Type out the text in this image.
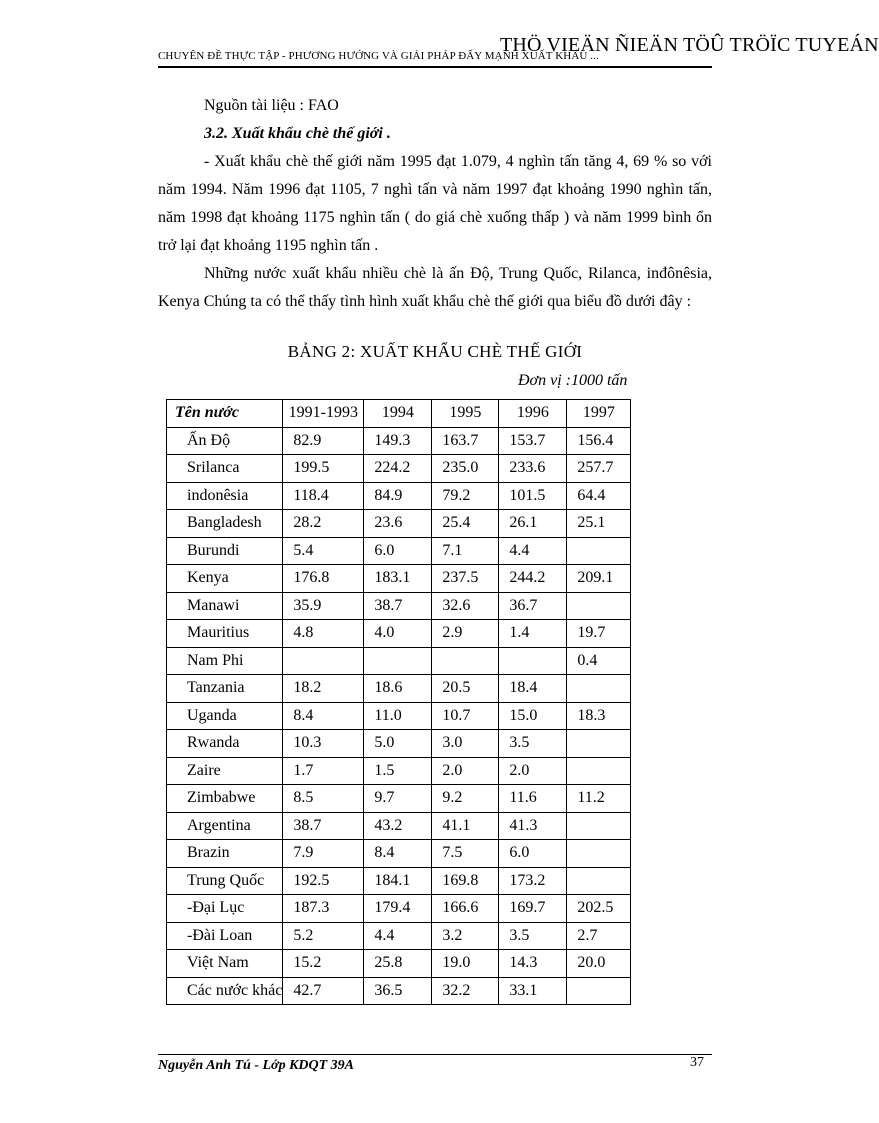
THÖ VIEÄN ÑIEÄN TÖÛ TRÖÏC TUYEÁN
CHUYÊN ĐỀ THỰC TẬP - PHƯƠNG HƯỚNG VÀ GIẢI PHÁP ĐẨY MẠNH XUẤT KHẨU ...

Nguồn tài liệu : FAO

3.2. Xuất khẩu chè thế giới .

- Xuất khẩu chè thế giới năm 1995 đạt 1.079, 4 nghìn tấn tăng 4, 69 % so với năm 1994. Năm 1996 đạt 1105, 7 nghì tấn và năm 1997 đạt khoảng 1990 nghìn tấn, năm 1998 đạt khoảng 1175 nghìn tấn ( do giá chè xuống thấp ) và năm 1999 bình ổn trở lại đạt khoảng 1195 nghìn tấn .

Những nước xuất khẩu nhiều chè là ấn Độ, Trung Quốc, Rilanca, inđônêsia, Kenya Chúng ta có thể thấy tình hình xuất khẩu chè thế giới qua biểu đồ dưới đây :

BẢNG 2: XUẤT KHẨU CHÈ THẾ GIỚI
Đơn vị :1000 tấn
Tên nước	1991-1993	1994	1995	1996	1997
Ấn Độ	82.9	149.3	163.7	153.7	156.4
Srilanca	199.5	224.2	235.0	233.6	257.7
indonêsia	118.4	84.9	79.2	101.5	64.4
Bangladesh	28.2	23.6	25.4	26.1	25.1
Burundi	5.4	6.0	7.1	4.4	
Kenya	176.8	183.1	237.5	244.2	209.1
Manawi	35.9	38.7	32.6	36.7	
Mauritius	4.8	4.0	2.9	1.4	19.7
Nam Phi					0.4
Tanzania	18.2	18.6	20.5	18.4	
Uganda	8.4	11.0	10.7	15.0	18.3
Rwanda	10.3	5.0	3.0	3.5	
Zaire	1.7	1.5	2.0	2.0	
Zimbabwe	8.5	9.7	9.2	11.6	11.2
Argentina	38.7	43.2	41.1	41.3	
Brazin	7.9	8.4	7.5	6.0	
Trung Quốc	192.5	184.1	169.8	173.2	
-Đại Lục	187.3	179.4	166.6	169.7	202.5
-Đài Loan	5.2	4.4	3.2	3.5	2.7
Việt Nam	15.2	25.8	19.0	14.3	20.0
Các nước khác	42.7	36.5	32.2	33.1	
Nguyễn Anh Tú - Lớp KDQT 39A	37
